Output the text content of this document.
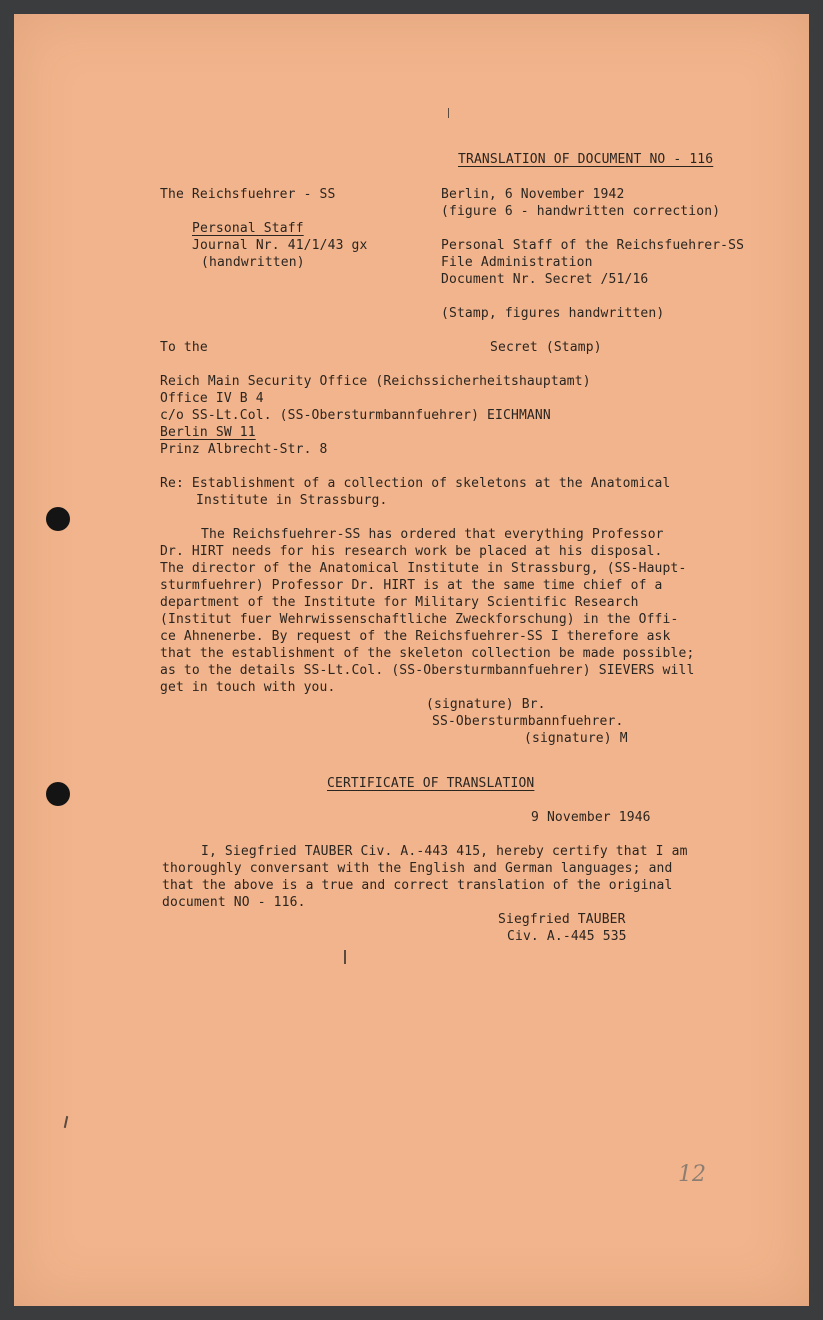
TRANSLATION OF DOCUMENT NO - 116
The Reichsfuehrer - SS
Personal Staff
Journal Nr. 41/1/43 gx
(handwritten)
Berlin, 6 November 1942
(figure 6 - handwritten correction)
Personal Staff of the Reichsfuehrer-SS
File Administration
Document Nr. Secret /51/16
(Stamp, figures handwritten)
To the	Secret (Stamp)
Reich Main Security Office (Reichssicherheitshauptamt)
Office IV B 4
c/o SS-Lt.Col. (SS-Obersturmbannfuehrer) EICHMANN
Berlin SW 11
Prinz Albrecht-Str. 8
Re: Establishment of a collection of skeletons at the Anatomical
Institute in Strassburg.
The Reichsfuehrer-SS has ordered that everything Professor
Dr. HIRT needs for his research work be placed at his disposal.
The director of the Anatomical Institute in Strassburg, (SS-Haupt-
sturmfuehrer) Professor Dr. HIRT is at the same time chief of a
department of the Institute for Military Scientific Research
(Institut fuer Wehrwissenschaftliche Zweckforschung) in the Offi-
ce Ahnenerbe. By request of the Reichsfuehrer-SS I therefore ask
that the establishment of the skeleton collection be made possible;
as to the details SS-Lt.Col. (SS-Obersturmbannfuehrer) SIEVERS will
get in touch with you.
(signature) Br.
SS-Obersturmbannfuehrer.
(signature) M
CERTIFICATE OF TRANSLATION
9 November 1946
I, Siegfried TAUBER Civ. A.-443 415, hereby certify that I am
thoroughly conversant with the English and German languages; and
that the above is a true and correct translation of the original
document NO - 116.
Siegfried TAUBER
Civ. A.-445 535
12
